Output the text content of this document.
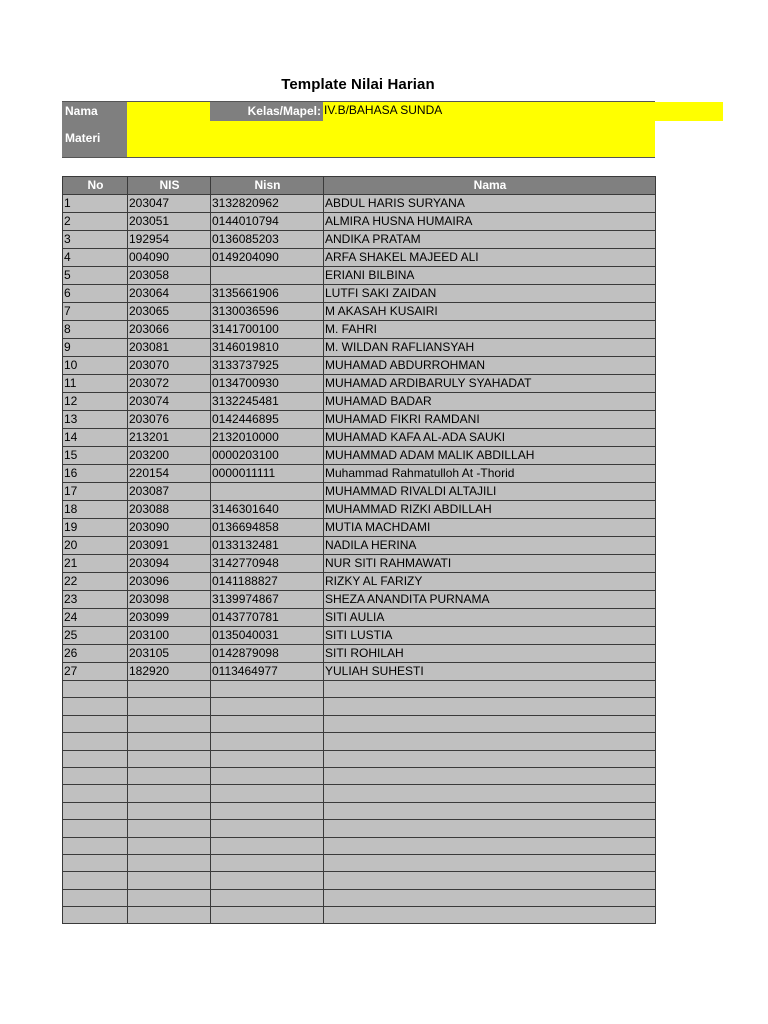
Template Nilai Harian
Nama	Kelas/Mapel: IV.B/BAHASA SUNDA
Materi
No	NIS	Nisn	Nama
1	203047	3132820962	ABDUL HARIS SURYANA
2	203051	0144010794	ALMIRA HUSNA HUMAIRA
3	192954	0136085203	ANDIKA PRATAM
4	004090	0149204090	ARFA SHAKEL MAJEED ALI
5	203058		ERIANI BILBINA
6	203064	3135661906	LUTFI SAKI ZAIDAN
7	203065	3130036596	M AKASAH KUSAIRI
8	203066	3141700100	M. FAHRI
9	203081	3146019810	M. WILDAN RAFLIANSYAH
10	203070	3133737925	MUHAMAD ABDURROHMAN
11	203072	0134700930	MUHAMAD ARDIBARULY SYAHADAT
12	203074	3132245481	MUHAMAD BADAR
13	203076	0142446895	MUHAMAD FIKRI RAMDANI
14	213201	2132010000	MUHAMAD KAFA AL-ADA SAUKI
15	203200	0000203100	MUHAMMAD ADAM MALIK ABDILLAH
16	220154	0000011111	Muhammad Rahmatulloh At -Thorid
17	203087		MUHAMMAD RIVALDI ALTAJILI
18	203088	3146301640	MUHAMMAD RIZKI ABDILLAH
19	203090	0136694858	MUTIA MACHDAMI
20	203091	0133132481	NADILA HERINA
21	203094	3142770948	NUR SITI RAHMAWATI
22	203096	0141188827	RIZKY AL FARIZY
23	203098	3139974867	SHEZA ANANDITA PURNAMA
24	203099	0143770781	SITI AULIA
25	203100	0135040031	SITI LUSTIA
26	203105	0142879098	SITI ROHILAH
27	182920	0113464977	YULIAH SUHESTI
